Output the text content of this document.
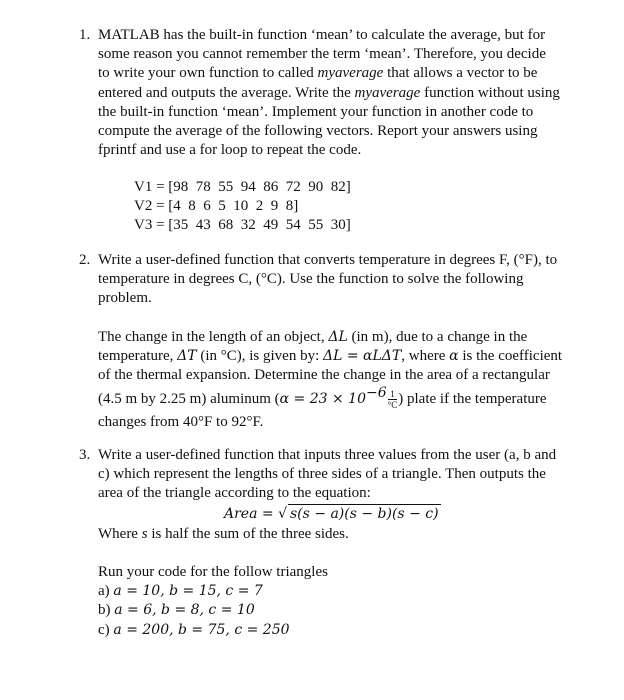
1. MATLAB has the built-in function ‘mean’ to calculate the average, but for

some reason you cannot remember the term ‘mean’. Therefore, you decide

to write your own function to called myaverage that allows a vector to be

entered and outputs the average. Write the myaverage function without using

the built-in function ‘mean’. Implement your function in another code to

compute the average of the following vectors. Report your answers using

fprintf and use a for loop to repeat the code.

V1 = [98  78  55  94  86  72  90  82]

V2 = [4  8  6  5  10  2  9  8]

V3 = [35  43  68  32  49  54  55  30]

2. Write a user-defined function that converts temperature in degrees F, (°F), to

temperature in degrees C, (°C). Use the function to solve the following

problem.

The change in the length of an object, ΔL (in m), due to a change in the

temperature, ΔT (in °C), is given by: ΔL = αLΔT, where α is the coefficient

of the thermal expansion. Determine the change in the area of a rectangular

(4.5 m by 2.25 m) aluminum ($\alpha = 23 \times 10^{-6} \frac{1}{^\circ C}$ ) plate if the temperature

changes from 40°F to 92°F.

3. Write a user-defined function that inputs three values from the user (a, b and

c) which represent the lengths of three sides of a triangle. Then outputs the

area of the triangle according to the equation:

Area = √ s(s − a)(s − b)(s − c)

Where s is half the sum of the three sides.

Run your code for the follow triangles

a) a = 10, b = 15, c = 7

b) a = 6, b = 8, c = 10

c) a = 200, b = 75, c = 250
